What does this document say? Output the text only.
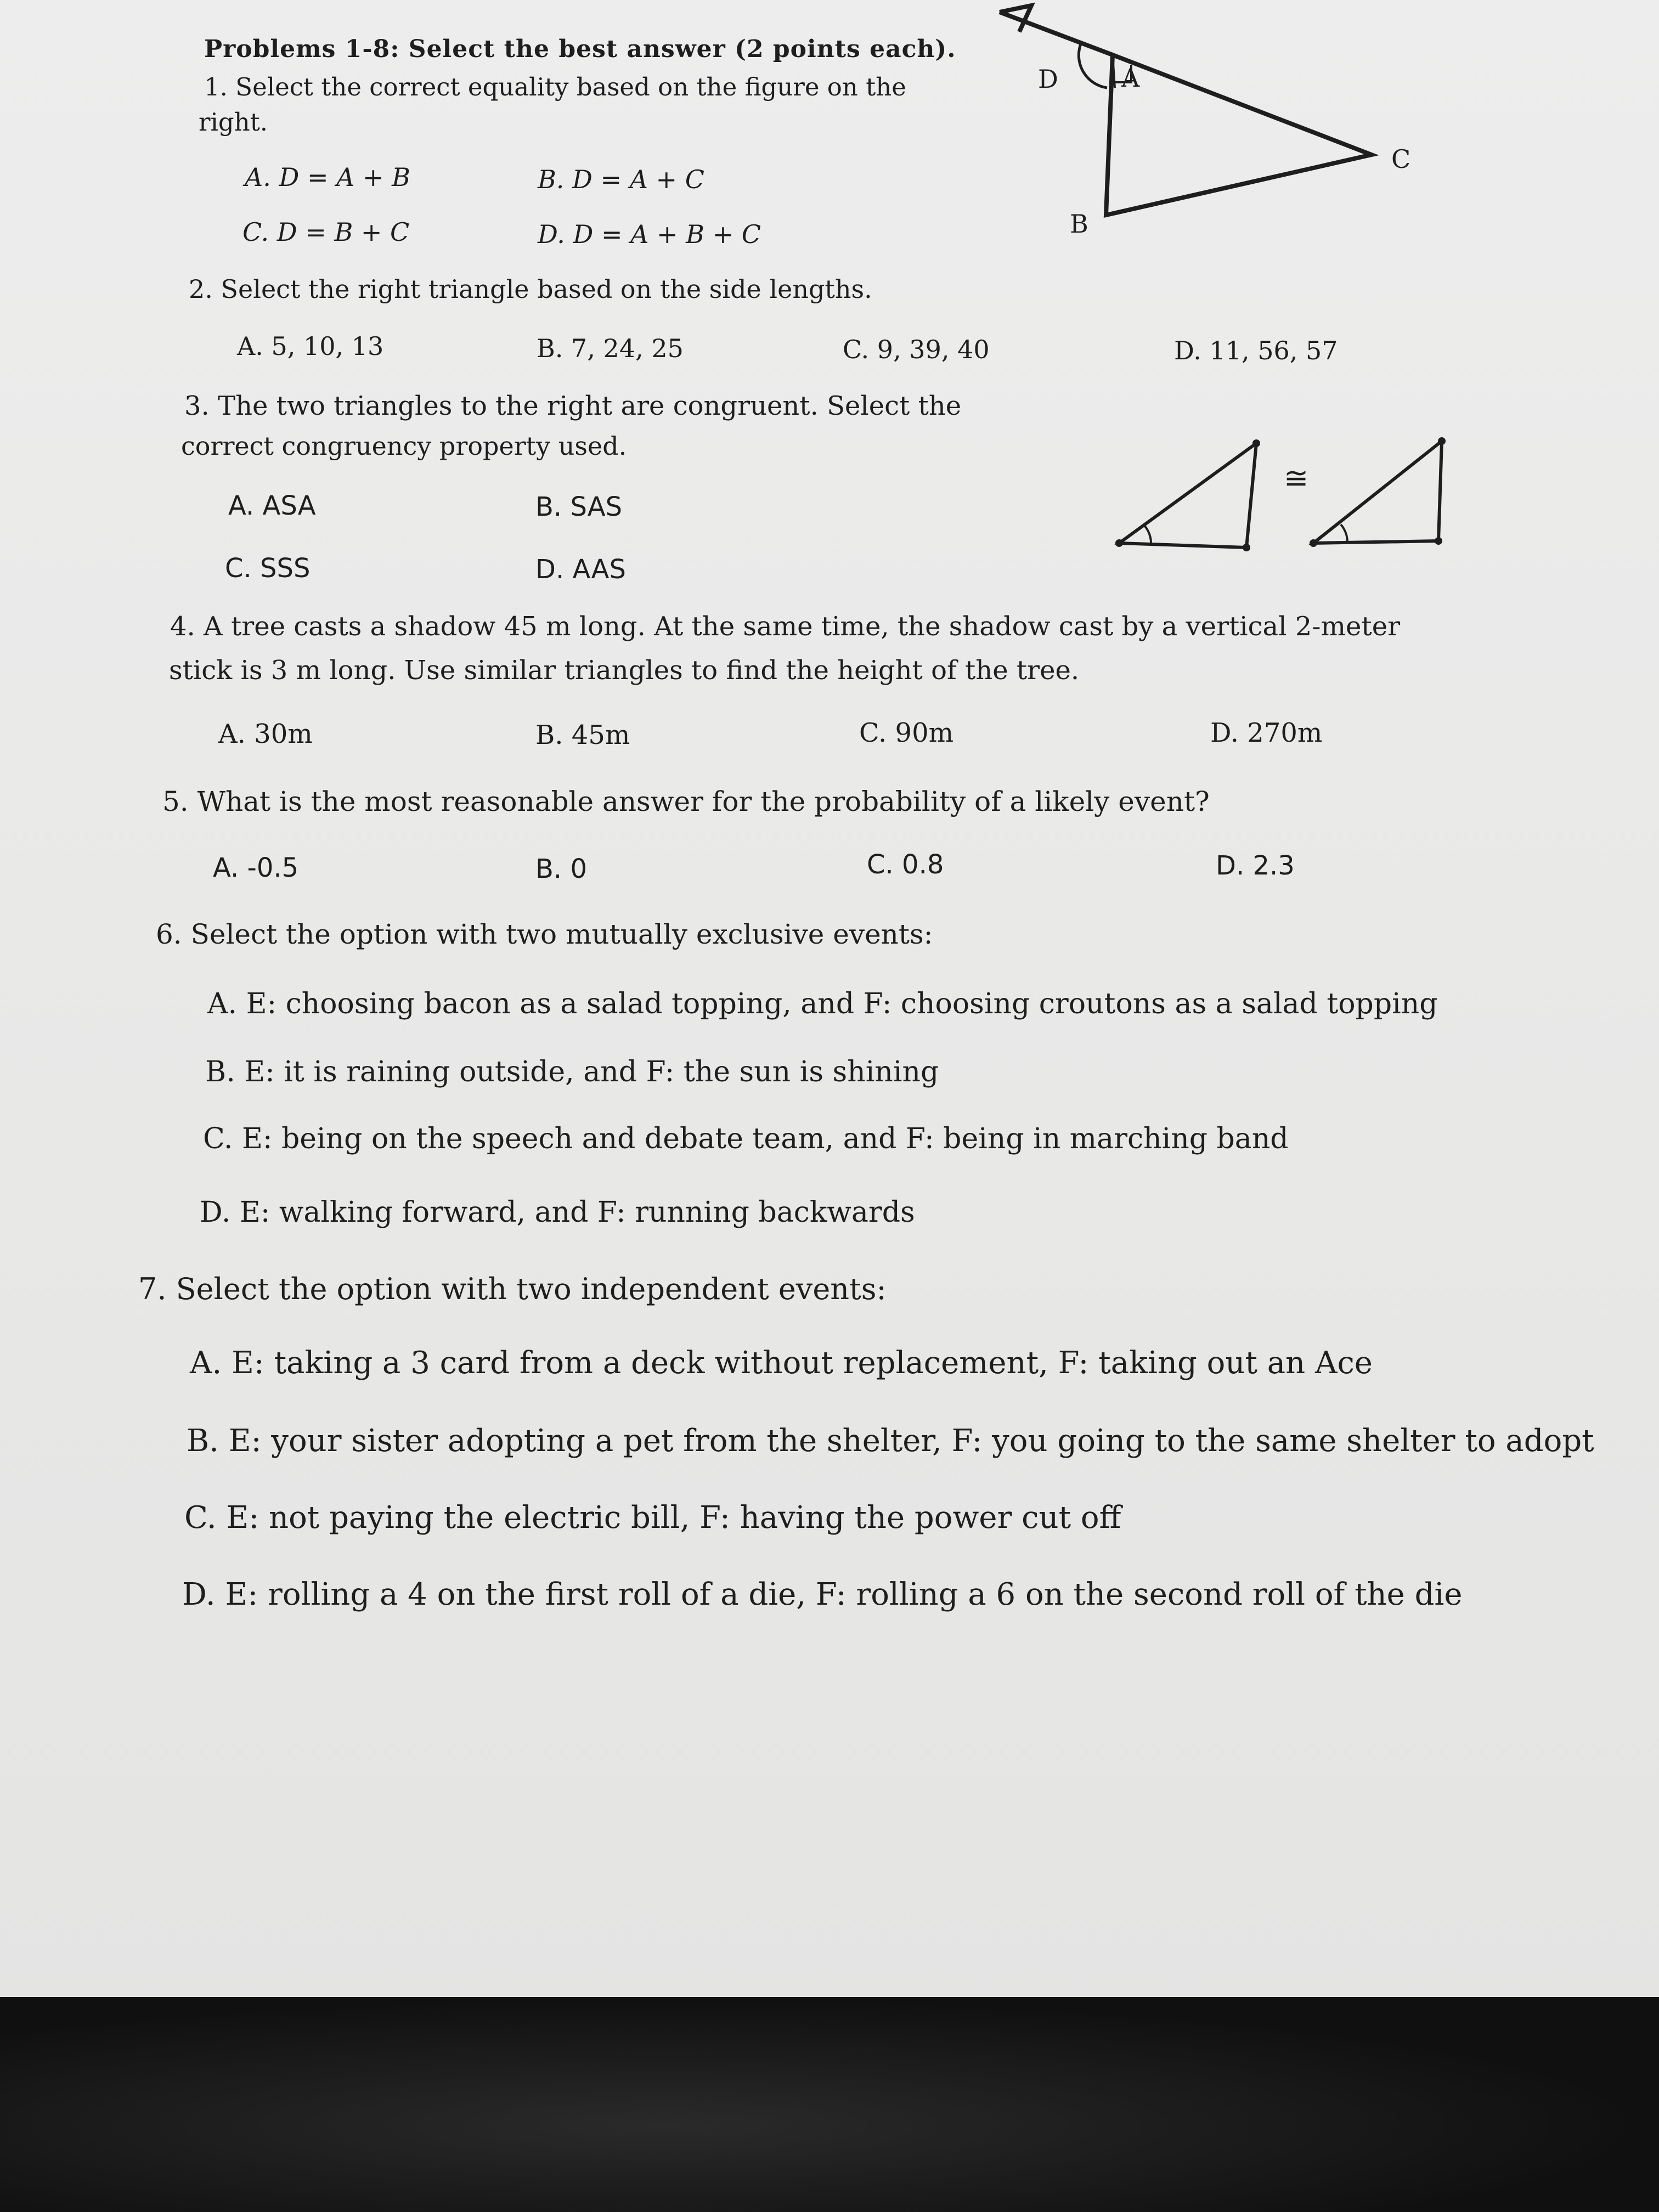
Problems 1-8: Select the best answer (2 points each).
1. Select the correct equality based on the figure on the
right.
A. D = A + B	B. D = A + C
C. D = B + C	D. D = A + B + C
D	A
B
C
2. Select the right triangle based on the side lengths.
A. 5, 10, 13	B. 7, 24, 25	C. 9, 39, 40	D. 11, 56, 57
3. The two triangles to the right are congruent. Select the
correct congruency property used.
A. ASA	B. SAS
C. SSS	D. AAS
≅
4. A tree casts a shadow 45 m long. At the same time, the shadow cast by a vertical 2-meter
stick is 3 m long. Use similar triangles to find the height of the tree.
A. 30m	B. 45m	C. 90m	D. 270m
5. What is the most reasonable answer for the probability of a likely event?
A. -0.5	B. 0	C. 0.8	D. 2.3
6. Select the option with two mutually exclusive events:
A. E: choosing bacon as a salad topping, and F: choosing croutons as a salad topping
B. E: it is raining outside, and F: the sun is shining
C. E: being on the speech and debate team, and F: being in marching band
D. E: walking forward, and F: running backwards
7. Select the option with two independent events:
A. E: taking a 3 card from a deck without replacement, F: taking out an Ace
B. E: your sister adopting a pet from the shelter, F: you going to the same shelter to adopt
C. E: not paying the electric bill, F: having the power cut off
D. E: rolling a 4 on the first roll of a die, F: rolling a 6 on the second roll of the die
